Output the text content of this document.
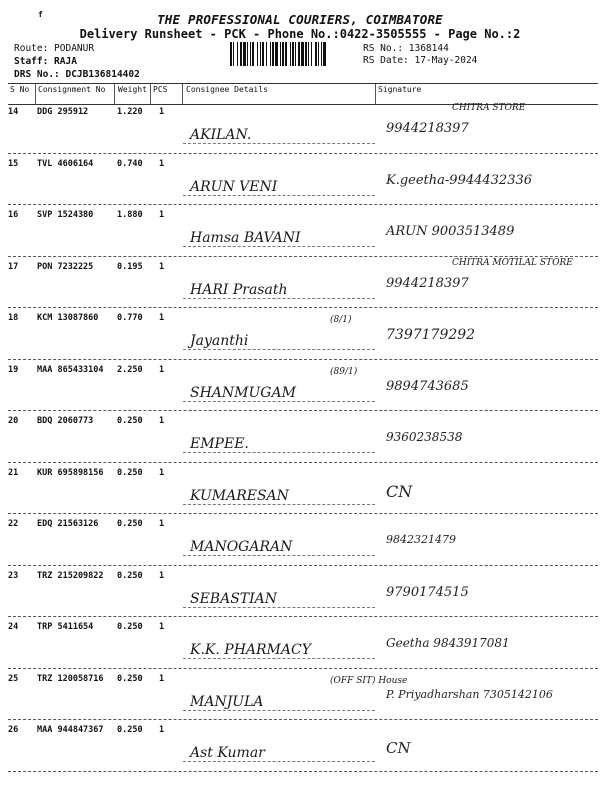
f	THE PROFESSIONAL COURIERS, COIMBATORE
Delivery Runsheet - PCK - Phone No.:0422-3505555 - Page No.:2
Route: PODANUR
Staff: RAJA
DRS No.: DCJB136814402
RS No.: 1368144
RS Date: 17-May-2024
S No Consignment No Weight PCS Consignee Details	Signature
14 DDG 295912	1.220 1
AKILAN.	9944218397
CHITRA STORE
15 TVL 4606164	0.740 1
ARUN VENI	K.geetha-9944432336
16 SVP 1524380	1.880 1
Hamsa BAVANI	ARUN 9003513489
17 PON 7232225	0.195 1
HARI Prasath	9944218397
CHITRA MOTILAL STORE
18 KCM 13087860 0.770 1
Jayanthi	7397179292
(8/1)
19 MAA 865433104 2.250 1
SHANMUGAM	9894743685
(89/1)
20 BDQ 2060773	0.250 1
EMPEE.	9360238538
21 KUR 695898156 0.250 1
KUMARESAN	CN
22 EDQ 21563126 0.250 1
MANOGARAN	9842321479
23 TRZ 215209822 0.250 1
SEBASTIAN	9790174515
24 TRP 5411654	0.250 1
K.K. PHARMACY	Geetha 9843917081
25 TRZ 120058716 0.250 1
MANJULA	P. Priyadharshan 7305142106
(OFF SIT) House
26 MAA 944847367 0.250 1
Ast Kumar	CN
